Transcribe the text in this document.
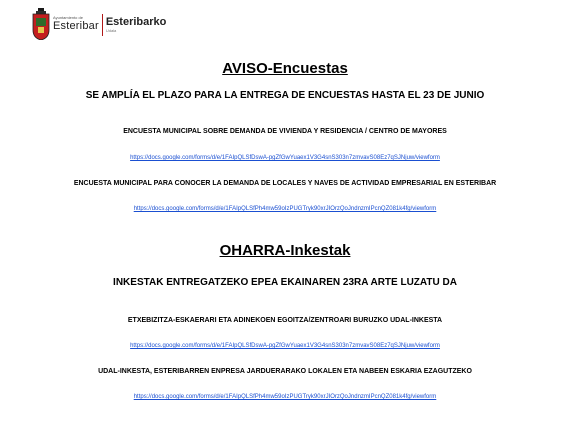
Ayuntamiento de
Esteribar Esteribarko
Udala
AVISO-Encuestas
SE AMPLÍA EL PLAZO PARA LA ENTREGA DE ENCUESTAS HASTA EL 23 DE JUNIO
ENCUESTA MUNICIPAL SOBRE DEMANDA DE VIVIENDA Y RESIDENCIA / CENTRO DE MAYORES
https://docs.google.com/forms/d/e/1FAIpQLSfDswA-pgZfGwYuaex1V3G4snS303n7zmvavS08Ez7qSJNjuw/viewform
ENCUESTA MUNICIPAL PARA CONOCER LA DEMANDA DE LOCALES Y NAVES DE ACTIVIDAD EMPRESARIAL EN ESTERIBAR
https://docs.google.com/forms/d/e/1FAIpQLSfPh4mw59oIzPUGTryk90xrJIOrzQoJndnzmIPcnQZ081k4fg/viewform
OHARRA-Inkestak
INKESTAK ENTREGATZEKO EPEA EKAINAREN 23RA ARTE LUZATU DA
ETXEBIZITZA-ESKAERARI ETA ADINEKOEN EGOITZA/ZENTROARI BURUZKO UDAL-INKESTA
https://docs.google.com/forms/d/e/1FAIpQLSfDswA-pgZfGwYuaex1V3G4snS303n7zmvavS08Ez7qSJNjuw/viewform
UDAL-INKESTA, ESTERIBARREN ENPRESA JARDUERARAKO LOKALEN ETA NABEEN ESKARIA EZAGUTZEKO
https://docs.google.com/forms/d/e/1FAIpQLSfPh4mw59oIzPUGTryk90xrJIOrzQoJndnzmIPcnQZ081k4fg/viewform
